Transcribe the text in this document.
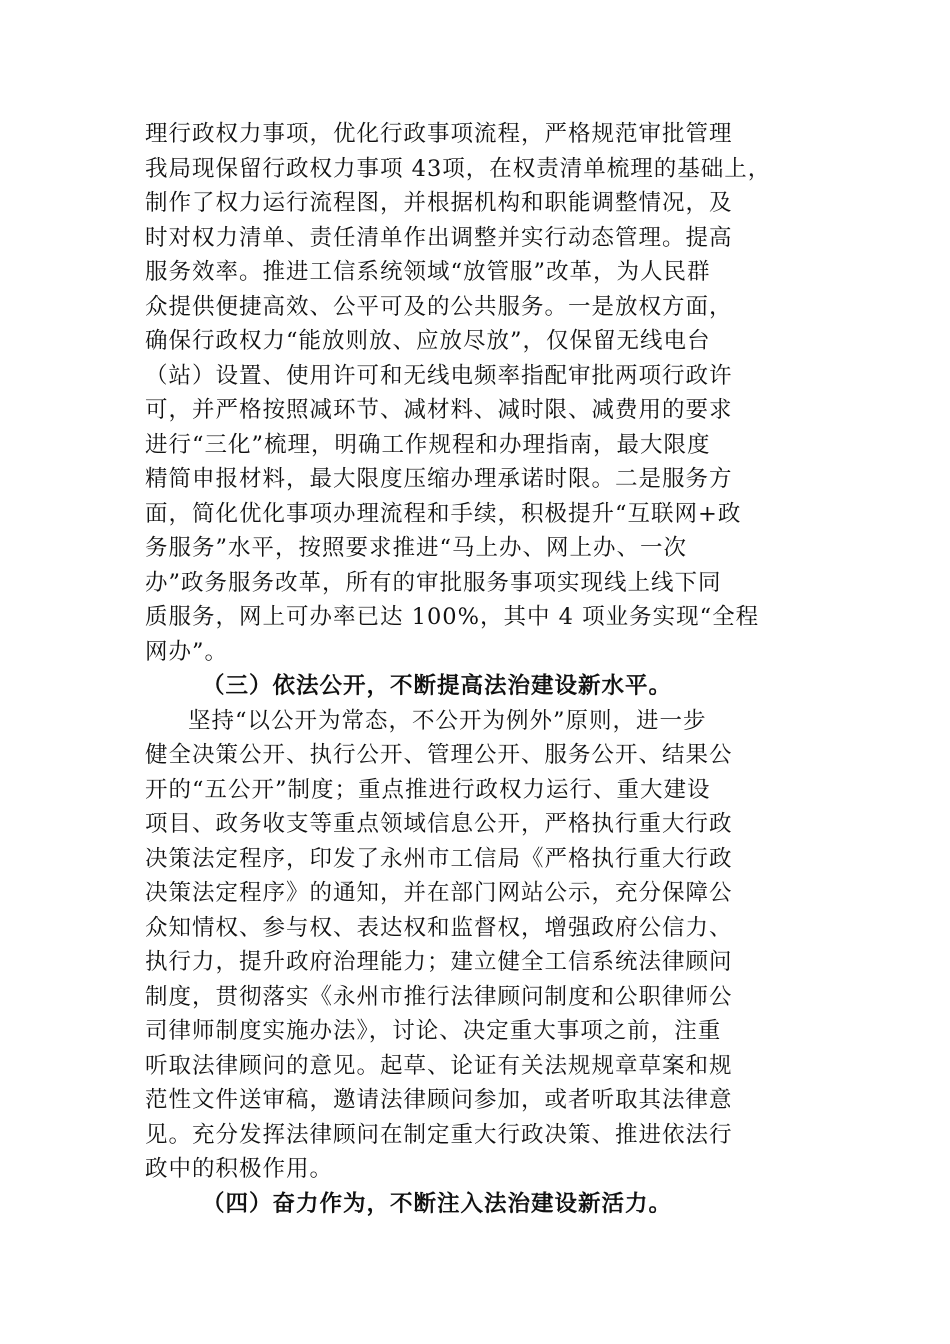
理行政权力事项，优化行政事项流程，严格规范审批管理
我局现保留行政权力事项 43项，在权责清单梳理的基础上，
制作了权力运行流程图，并根据机构和职能调整情况，及
时对权力清单、责任清单作出调整并实行动态管理。提高
服务效率。推进工信系统领域“放管服”改革，为人民群
众提供便捷高效、公平可及的公共服务。一是放权方面，
确保行政权力“能放则放、应放尽放”，仅保留无线电台
（站）设置、使用许可和无线电频率指配审批两项行政许
可，并严格按照减环节、减材料、减时限、减费用的要求
进行“三化”梳理，明确工作规程和办理指南，最大限度
精简申报材料，最大限度压缩办理承诺时限。二是服务方
面，简化优化事项办理流程和手续，积极提升“互联网+政
务服务”水平，按照要求推进“马上办、网上办、一次
办”政务服务改革，所有的审批服务事项实现线上线下同
质服务，网上可办率已达 100%，其中 4 项业务实现“全程
网办”。
（三）依法公开，不断提高法治建设新水平。
坚持“以公开为常态，不公开为例外”原则，进一步
健全决策公开、执行公开、管理公开、服务公开、结果公
开的“五公开”制度；重点推进行政权力运行、重大建设
项目、政务收支等重点领域信息公开，严格执行重大行政
决策法定程序，印发了永州市工信局《严格执行重大行政
决策法定程序》的通知，并在部门网站公示，充分保障公
众知情权、参与权、表达权和监督权，增强政府公信力、
执行力，提升政府治理能力；建立健全工信系统法律顾问
制度，贯彻落实《永州市推行法律顾问制度和公职律师公
司律师制度实施办法》，讨论、决定重大事项之前，注重
听取法律顾问的意见。起草、论证有关法规规章草案和规
范性文件送审稿，邀请法律顾问参加，或者听取其法律意
见。充分发挥法律顾问在制定重大行政决策、推进依法行
政中的积极作用。
（四）奋力作为，不断注入法治建设新活力。
